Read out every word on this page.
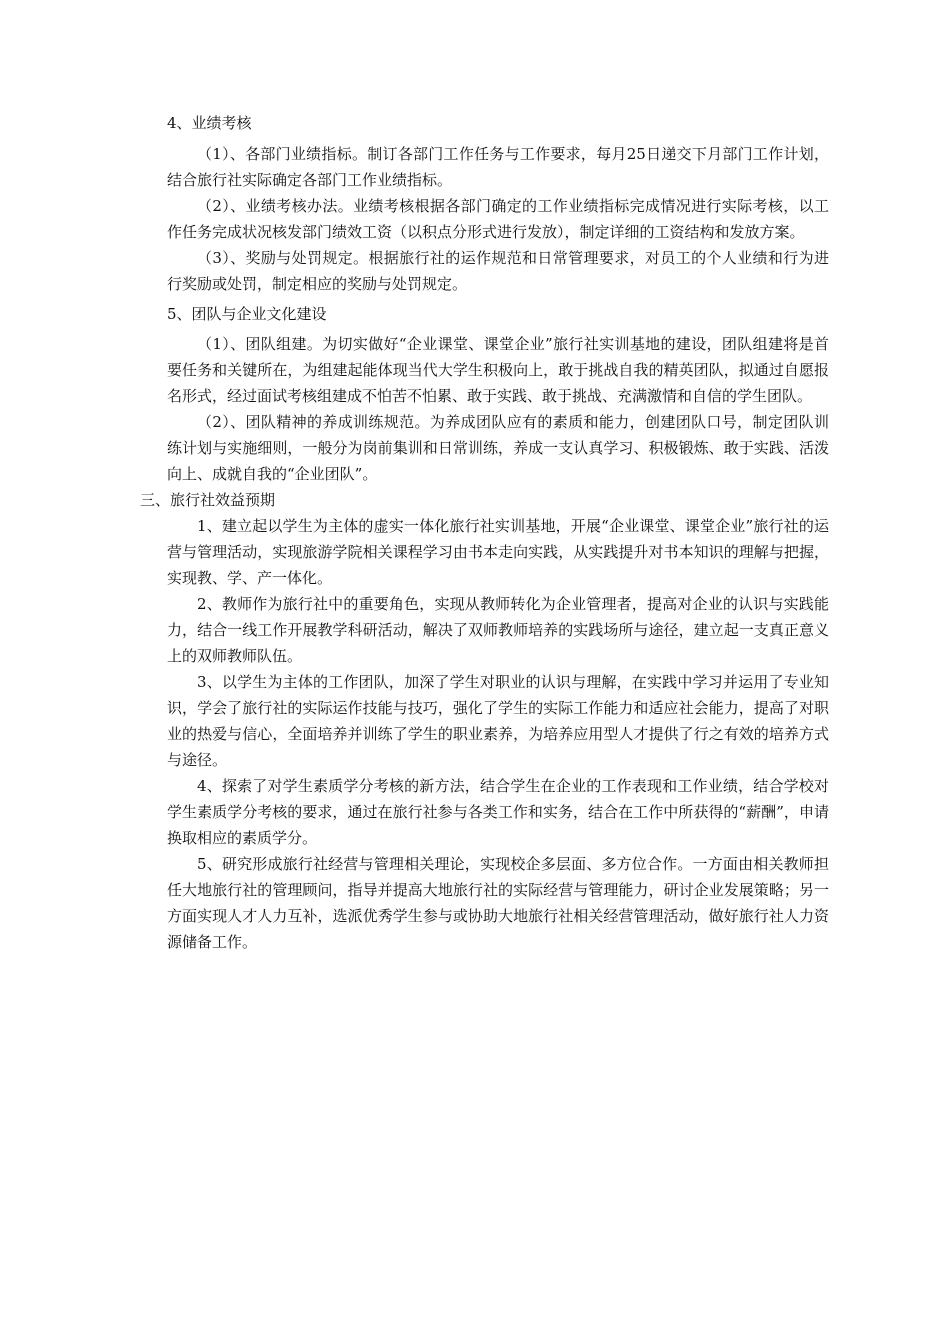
4、业绩考核

（1）、各部门业绩指标。制订各部门工作任务与工作要求，每月25日递交下月部门工作计划，结合旅行社实际确定各部门工作业绩指标。

（2）、业绩考核办法。业绩考核根据各部门确定的工作业绩指标完成情况进行实际考核，以工作任务完成状况核发部门绩效工资（以积点分形式进行发放），制定详细的工资结构和发放方案。

（3）、奖励与处罚规定。根据旅行社的运作规范和日常管理要求，对员工的个人业绩和行为进行奖励或处罚，制定相应的奖励与处罚规定。

5、团队与企业文化建设

（1）、团队组建。为切实做好“企业课堂、课堂企业”旅行社实训基地的建设，团队组建将是首要任务和关键所在，为组建起能体现当代大学生积极向上，敢于挑战自我的精英团队，拟通过自愿报名形式，经过面试考核组建成不怕苦不怕累、敢于实践、敢于挑战、充满激情和自信的学生团队。

（2）、团队精神的养成训练规范。为养成团队应有的素质和能力，创建团队口号，制定团队训练计划与实施细则，一般分为岗前集训和日常训练，养成一支认真学习、积极锻炼、敢于实践、活泼向上、成就自我的“企业团队”。

三、旅行社效益预期

1、建立起以学生为主体的虚实一体化旅行社实训基地，开展“企业课堂、课堂企业”旅行社的运营与管理活动，实现旅游学院相关课程学习由书本走向实践，从实践提升对书本知识的理解与把握，实现教、学、产一体化。

2、教师作为旅行社中的重要角色，实现从教师转化为企业管理者，提高对企业的认识与实践能力，结合一线工作开展教学科研活动，解决了双师教师培养的实践场所与途径，建立起一支真正意义上的双师教师队伍。

3、以学生为主体的工作团队，加深了学生对职业的认识与理解，在实践中学习并运用了专业知识，学会了旅行社的实际运作技能与技巧，强化了学生的实际工作能力和适应社会能力，提高了对职业的热爱与信心，全面培养并训练了学生的职业素养，为培养应用型人才提供了行之有效的培养方式与途径。

4、探索了对学生素质学分考核的新方法，结合学生在企业的工作表现和工作业绩，结合学校对学生素质学分考核的要求，通过在旅行社参与各类工作和实务，结合在工作中所获得的“薪酬”，申请换取相应的素质学分。

5、研究形成旅行社经营与管理相关理论，实现校企多层面、多方位合作。一方面由相关教师担任大地旅行社的管理顾问，指导并提高大地旅行社的实际经营与管理能力，研讨企业发展策略；另一方面实现人才人力互补，选派优秀学生参与或协助大地旅行社相关经营管理活动，做好旅行社人力资源储备工作。
